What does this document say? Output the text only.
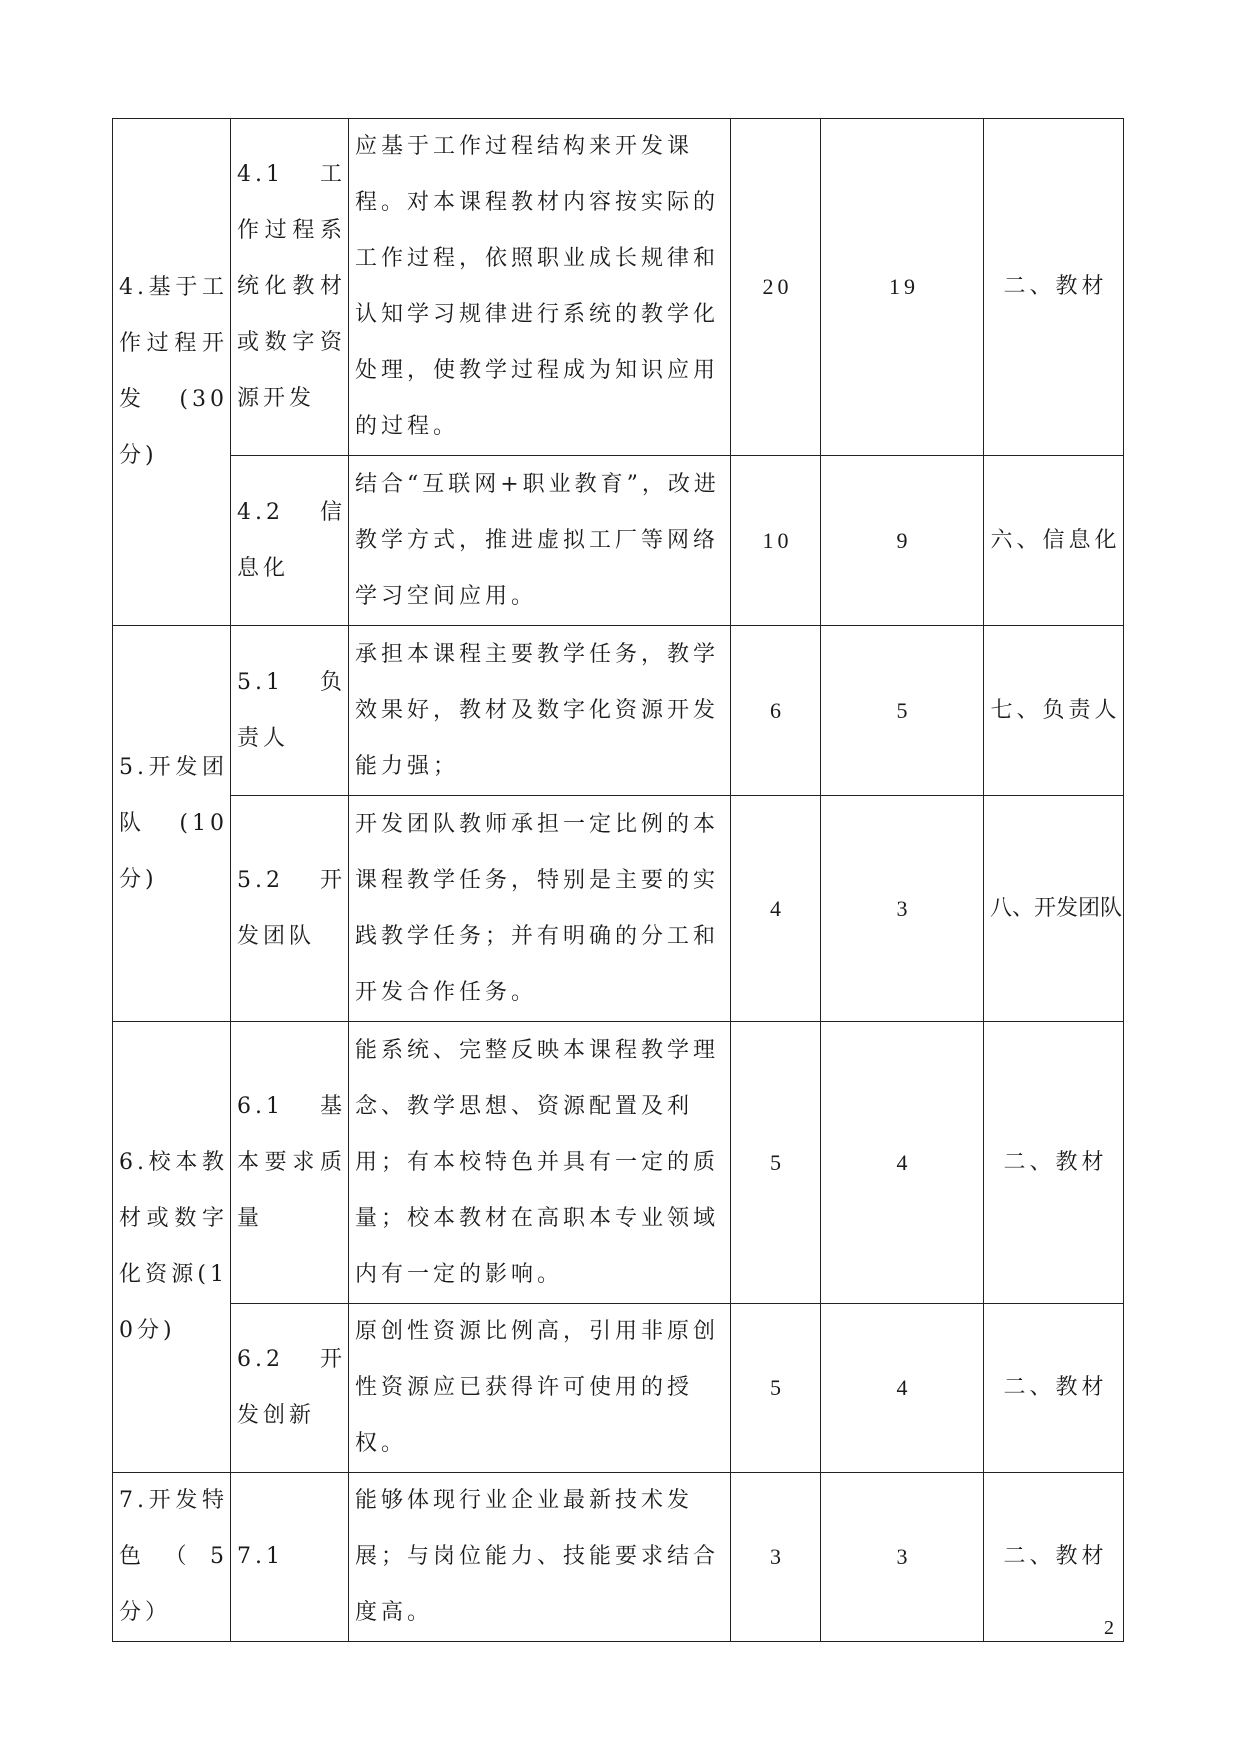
4.基于工作过程开发(30分)	4.1 工作过程系统化教材或数字资源开发	应基于工作过程结构来开发课程。对本课程教材内容按实际的工作过程，依照职业成长规律和认知学习规律进行系统的教学化处理，使教学过程成为知识应用的过程。	20	19	二、教材
	4.2 信息化	结合“互联网+职业教育”，改进教学方式，推进虚拟工厂等网络学习空间应用。	10	9	六、信息化
5.开发团队(10分)	5.1 负责人	承担本课程主要教学任务，教学效果好，教材及数字化资源开发能力强；	6	5	七、负责人
	5.2 开发团队	开发团队教师承担一定比例的本课程教学任务，特别是主要的实践教学任务；并有明确的分工和开发合作任务。	4	3	八、开发团队
6.校本教材或数字化资源(10分)	6.1 基本要求质量	能系统、完整反映本课程教学理念、教学思想、资源配置及利用；有本校特色并具有一定的质量；校本教材在高职本专业领域内有一定的影响。	5	4	二、教材
	6.2 开发创新	原创性资源比例高，引用非原创性资源应已获得许可使用的授权。	5	4	二、教材
7.开发特色（5分）	7.1	能够体现行业企业最新技术发展；与岗位能力、技能要求结合度高。	3	3	二、教材
2
